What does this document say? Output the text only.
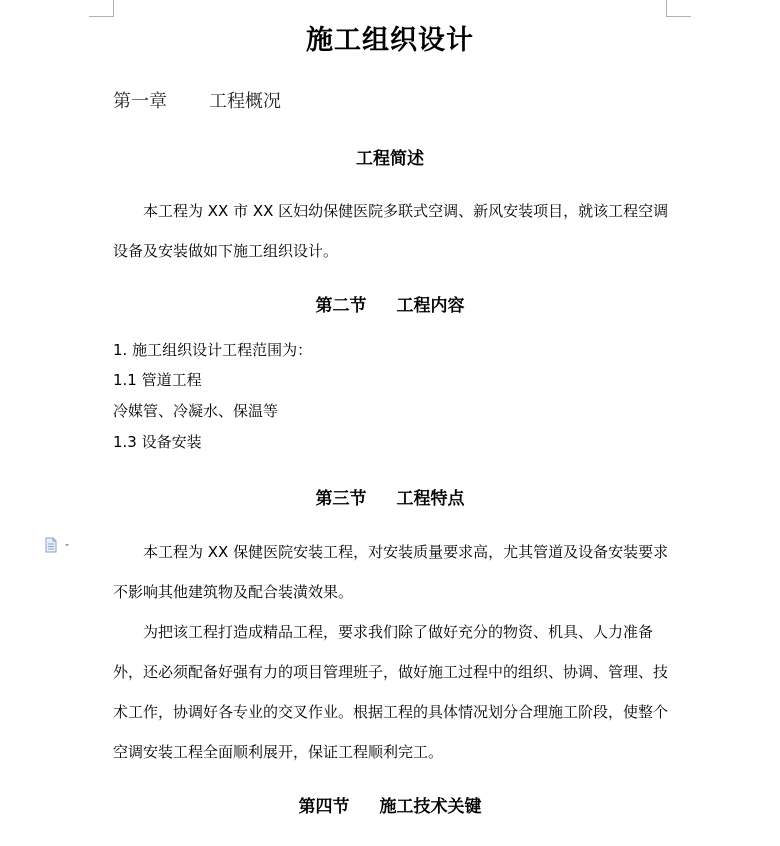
施工组织设计
第一章 工程概况
工程简述
本工程为 XX 市 XX 区妇幼保健医院多联式空调、新风安装项目，就该工程空调设备及安装做如下施工组织设计。
第二节 工程内容
1. 施工组织设计工程范围为：
1.1 管道工程
冷媒管、冷凝水、保温等
1.3 设备安装
第三节 工程特点
本工程为 XX 保健医院安装工程，对安装质量要求高，尤其管道及设备安装要求不影响其他建筑物及配合装潢效果。
为把该工程打造成精品工程，要求我们除了做好充分的物资、机具、人力准备外，还必须配备好强有力的项目管理班子，做好施工过程中的组织、协调、管理、技术工作，协调好各专业的交叉作业。根据工程的具体情况划分合理施工阶段，使整个空调安装工程全面顺利展开，保证工程顺利完工。
第四节 施工技术关键
